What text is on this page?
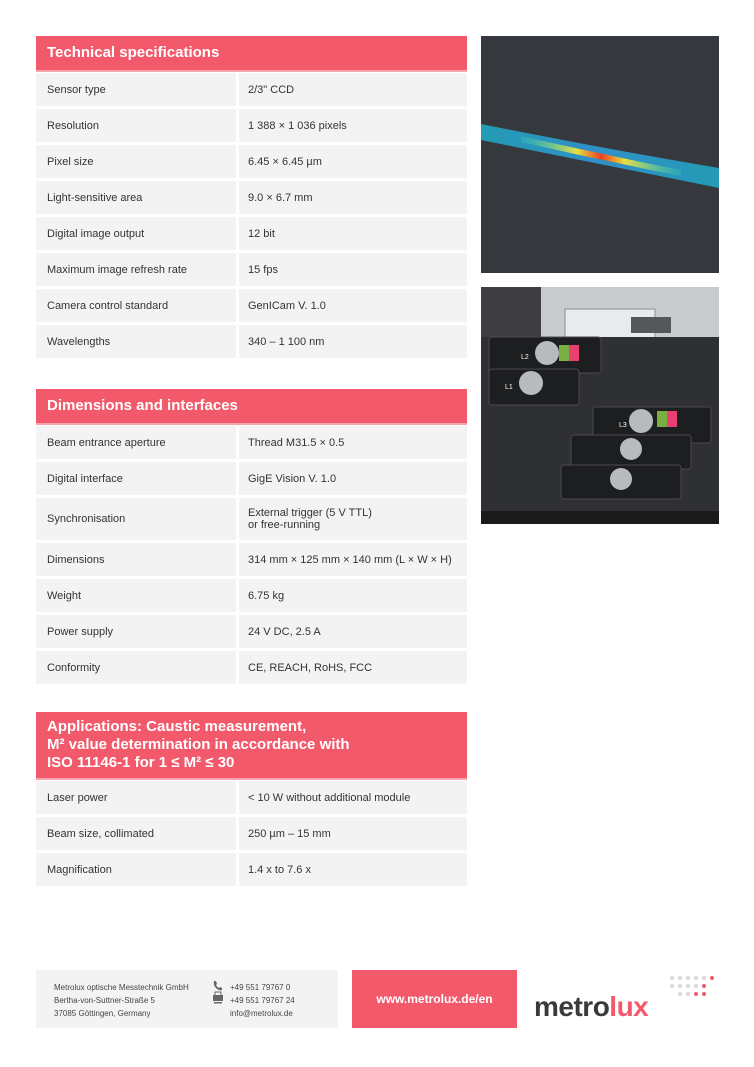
Technical specifications
Sensor type	2/3" CCD
Resolution	1 388 × 1 036 pixels
Pixel size	6.45 × 6.45 µm
Light-sensitive area	9.0 × 6.7 mm
Digital image output	12 bit
Maximum image refresh rate	15 fps
Camera control standard	GenICam V. 1.0
Wavelengths	340 – 1 100 nm
Dimensions and interfaces
Beam entrance aperture	Thread M31.5 × 0.5
Digital interface	GigE Vision V. 1.0
Synchronisation	External trigger (5 V TTL)
or free-running
Dimensions	314 mm × 125 mm × 140 mm (L × W × H)
Weight	6.75 kg
Power supply	24 V DC, 2.5 A
Conformity	CE, REACH, RoHS, FCC
Applications: Caustic measurement,
M² value determination in accordance with
ISO 11146-1 for 1 ≤ M² ≤ 30
Laser power	< 10 W without additional module
Beam size, collimated	250 µm – 15 mm
Magnification	1.4 x to 7.6 x
L2
L1
L3
Metrolux optische Messtechnik GmbH
Bertha-von-Suttner-Straße 5
37085 Göttingen, Germany
+49 551 79767 0
+49 551 79767 24
info@metrolux.de
www.metrolux.de/en	metrolux
